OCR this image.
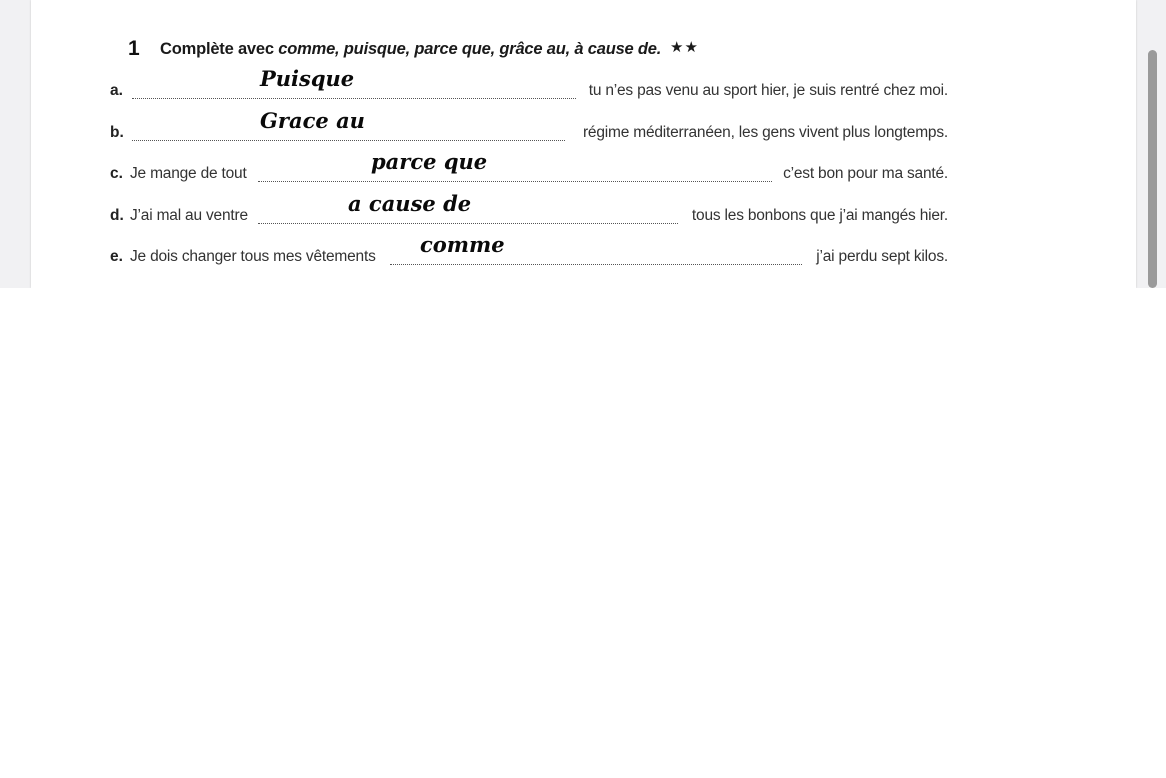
1 Complète avec comme, puisque, parce que, grâce au, à cause de. ★★
a.	Puisque	tu n’es pas venu au sport hier, je suis rentré chez moi.
b.	Grace au	régime méditerranéen, les gens vivent plus longtemps.
c. Je mange de tout	parce que	c’est bon pour ma santé.
d. J’ai mal au ventre	a cause de	tous les bonbons que j’ai mangés hier.
e. Je dois changer tous mes vêtements comme	j’ai perdu sept kilos.
